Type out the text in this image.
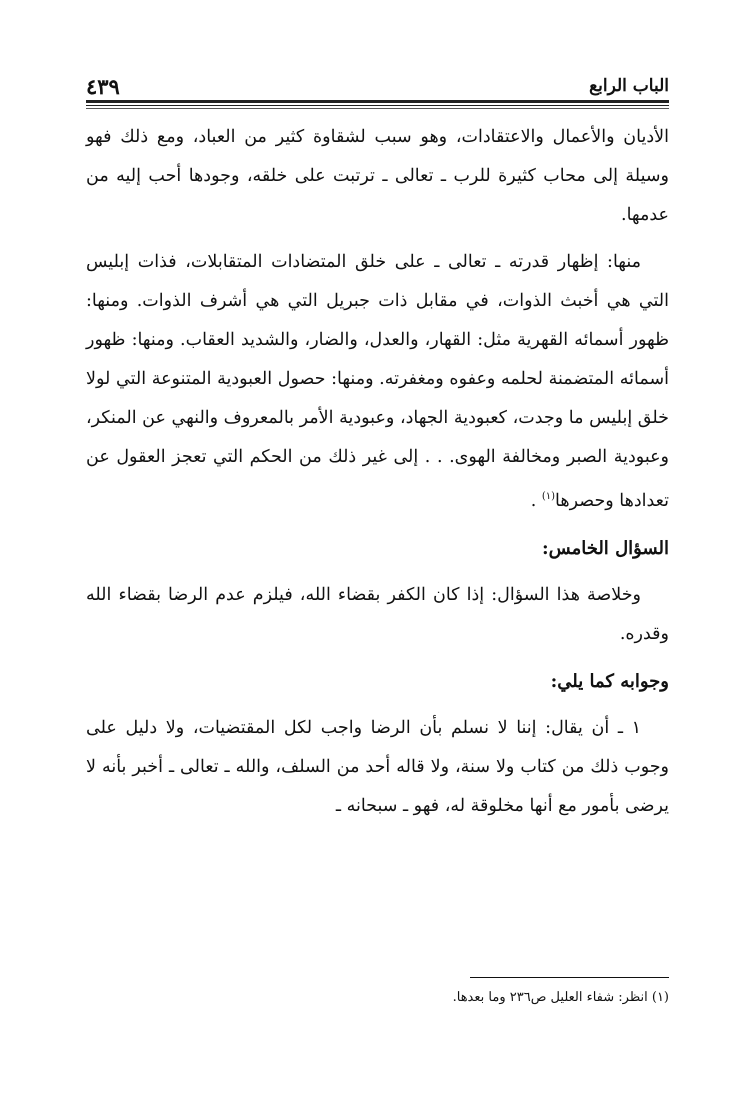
الباب الرابع
٤٣٩

الأديان والأعمال والاعتقادات، وهو سبب لشقاوة كثير من العباد، ومع ذلك فهو وسيلة إلى محاب كثيرة للرب ـ تعالى ـ ترتبت على خلقه، وجودها أحب إليه من عدمها.

منها: إظهار قدرته ـ تعالى ـ على خلق المتضادات المتقابلات، فذات إبليس التي هي أخبث الذوات، في مقابل ذات جبريل التي هي أشرف الذوات. ومنها: ظهور أسمائه القهرية مثل: القهار، والعدل، والضار، والشديد العقاب. ومنها: ظهور أسمائه المتضمنة لحلمه وعفوه ومغفرته. ومنها: حصول العبودية المتنوعة التي لولا خلق إبليس ما وجدت، كعبودية الجهاد، وعبودية الأمر بالمعروف والنهي عن المنكر، وعبودية الصبر ومخالفة الهوى. . . إلى غير ذلك من الحكم التي تعجز العقول عن تعدادها وحصرها$^{(١)}$ .

السؤال الخامس:

وخلاصة هذا السؤال: إذا كان الكفر بقضاء الله، فيلزم عدم الرضا بقضاء الله وقدره.

وجوابه كما يلي:

١ ـ أن يقال: إننا لا نسلم بأن الرضا واجب لكل المقتضيات، ولا دليل على وجوب ذلك من كتاب ولا سنة، ولا قاله أحد من السلف، والله ـ تعالى ـ أخبر بأنه لا يرضى بأمور مع أنها مخلوقة له، فهو ـ سبحانه ـ

(١) انظر: شفاء العليل ص٢٣٦ وما بعدها.
